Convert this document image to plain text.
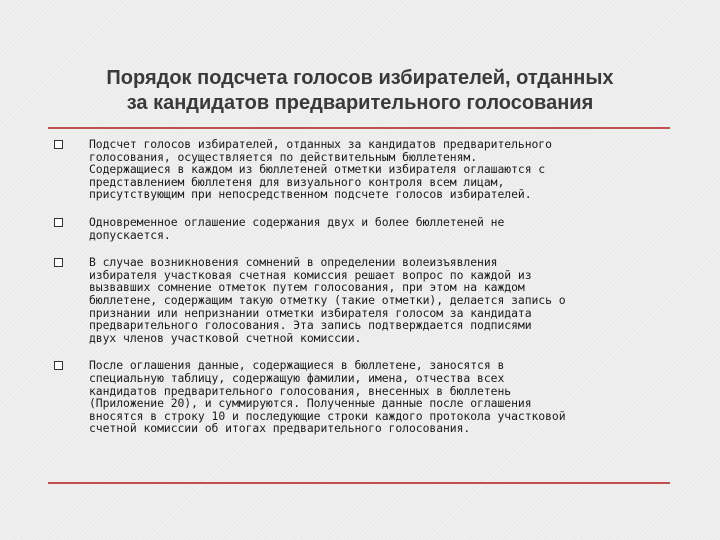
Порядок подсчета голосов избирателей, отданных
за кандидатов предварительного голосования
Подсчет голосов избирателей, отданных за кандидатов предварительного
голосования, осуществляется по действительным бюллетеням.
Содержащиеся в каждом из бюллетеней отметки избирателя оглашаются с
представлением бюллетеня для визуального контроля всем лицам,
присутствующим при непосредственном подсчете голосов избирателей.
Одновременное оглашение содержания двух и более бюллетеней не
допускается.
В случае возникновения сомнений в определении волеизъявления
избирателя участковая счетная комиссия решает вопрос по каждой из
вызвавших сомнение отметок путем голосования, при этом на каждом
бюллетене, содержащим такую отметку (такие отметки), делается запись о
признании или непризнании отметки избирателя голосом за кандидата
предварительного голосования. Эта запись подтверждается подписями
двух членов участковой счетной комиссии.
После оглашения данные, содержащиеся в бюллетене, заносятся в
специальную таблицу, содержащую фамилии, имена, отчества всех
кандидатов предварительного голосования, внесенных в бюллетень
(Приложение 20), и суммируются. Полученные данные после оглашения
вносятся в строку 10 и последующие строки каждого протокола участковой
счетной комиссии об итогах предварительного голосования.
